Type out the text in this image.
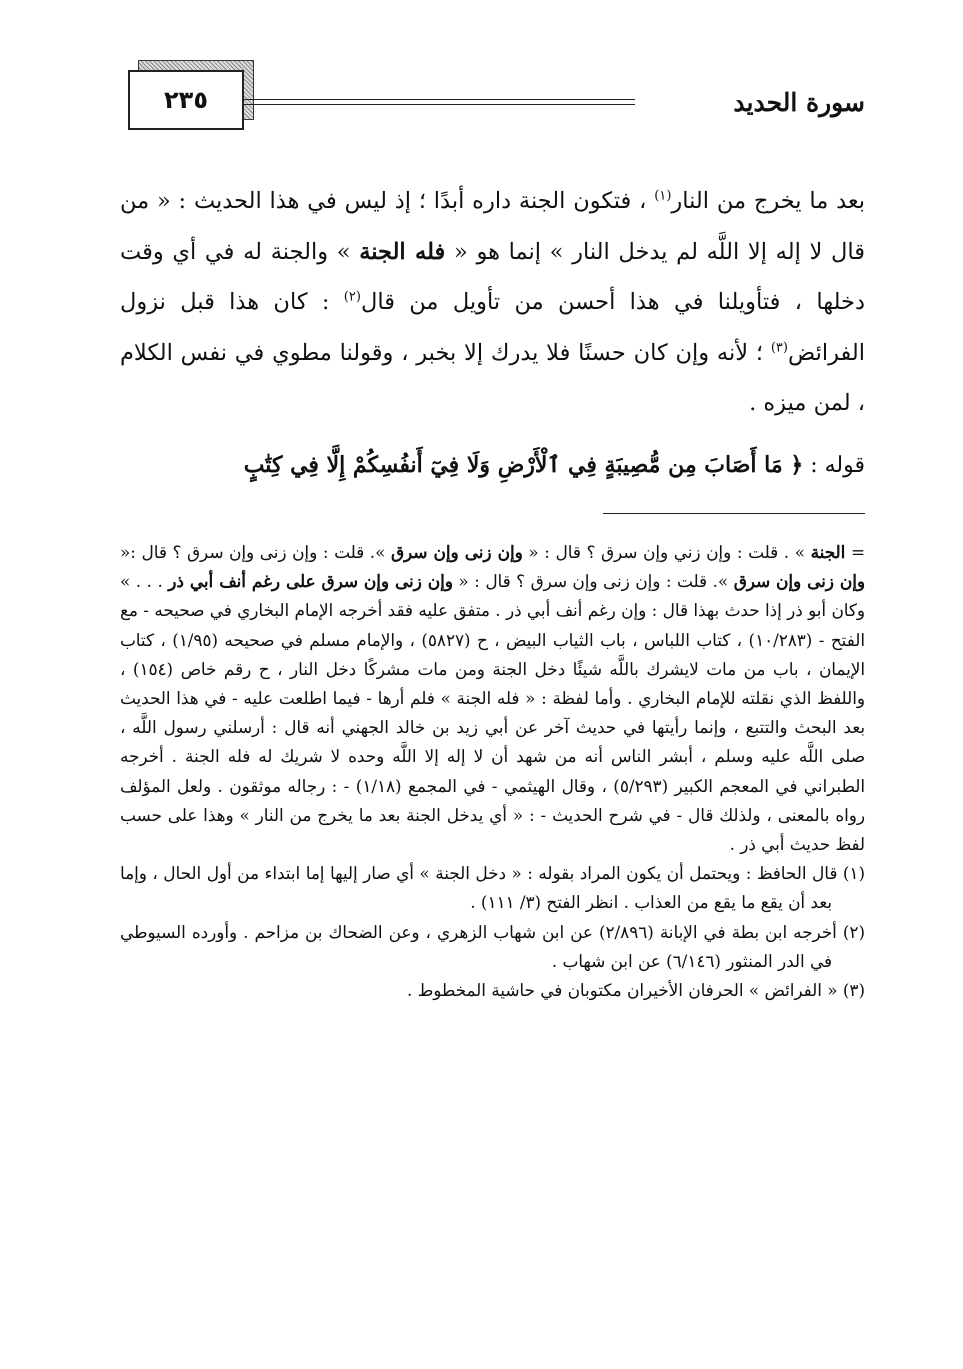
٢٣٥	سورة الحديد

بعد ما يخرج من النار$^{(١)}$ ، فتكون الجنة داره أبدًا ؛ إذ ليس في هذا الحديث : « من قال لا إله إلا اللَّه لم يدخل النار » إنما هو « فله الجنة » والجنة له في أي وقت دخلها ، فتأويلنا في هذا أحسن من تأويل من قال$^{(٢)}$ : كان هذا قبل نزول الفرائض$^{(٣)}$ ؛ لأنه وإن كان حسنًا فلا يدرك إلا بخبر ، وقولنا مطوي في نفس الكلام ، لمن ميزه .

قوله : ﴿ مَا أَصَابَ مِن مُّصِيبَةٍ فِي ٱلْأَرْضِ وَلَا فِيٓ أَنفُسِكُمْ إِلَّا فِي كِتَٰبٍ

= الجنة » . قلت : وإن زني وإن سرق ؟ قال : « وإن زنى وإن سرق ». قلت : وإن زنى وإن سرق ؟ قال :« وإن زنى وإن سرق ». قلت : وإن زنى وإن سرق ؟ قال : « وإن زنى وإن سرق على رغم أنف أبي ذر . . . » وكان أبو ذر إذا حدث بهذا قال : وإن رغم أنف أبي ذر . متفق عليه فقد أخرجه الإمام البخاري في صحيحه - مع الفتح - (١٠/٢٨٣) ، كتاب اللباس ، باب الثياب البيض ، ح (٥٨٢٧) ، والإمام مسلم في صحيحه (١/٩٥) ، كتاب الإيمان ، باب من مات لايشرك باللَّه شيئًا دخل الجنة ومن مات مشركًا دخل النار ، ح رقم خاص (١٥٤) ، واللفظ الذي نقلته للإمام البخاري . وأما لفظة : « فله الجنة » فلم أرها - فيما اطلعت عليه - في هذا الحديث بعد البحث والتتبع ، وإنما رأيتها في حديث آخر عن أبي زيد بن خالد الجهني أنه قال : أرسلني رسول اللَّه ، صلى اللَّه عليه وسلم ، أبشر الناس أنه من شهد أن لا إله إلا اللَّه وحده لا شريك له فله الجنة . أخرجه الطبراني في المعجم الكبير (٥/٢٩٣) ، وقال الهيثمي - في المجمع (١/١٨) - : رجاله موثقون . ولعل المؤلف رواه بالمعنى ، ولذلك قال - في شرح الحديث - : « أي يدخل الجنة بعد ما يخرج من النار » وهذا على حسب لفظ حديث أبي ذر .

(١) قال الحافظ : ويحتمل أن يكون المراد بقوله : « دخل الجنة » أي صار إليها إما ابتداء من أول الحال ، وإما بعد أن يقع ما يقع من العذاب . انظر الفتح (٣/ ١١١) .

(٢) أخرجه ابن بطة في الإبانة (٢/٨٩٦) عن ابن شهاب الزهري ، وعن الضحاك بن مزاحم . وأورده السيوطي في الدر المنثور (٦/١٤٦) عن ابن شهاب .

(٣) « الفرائض » الحرفان الأخيران مكتوبان في حاشية المخطوط .
